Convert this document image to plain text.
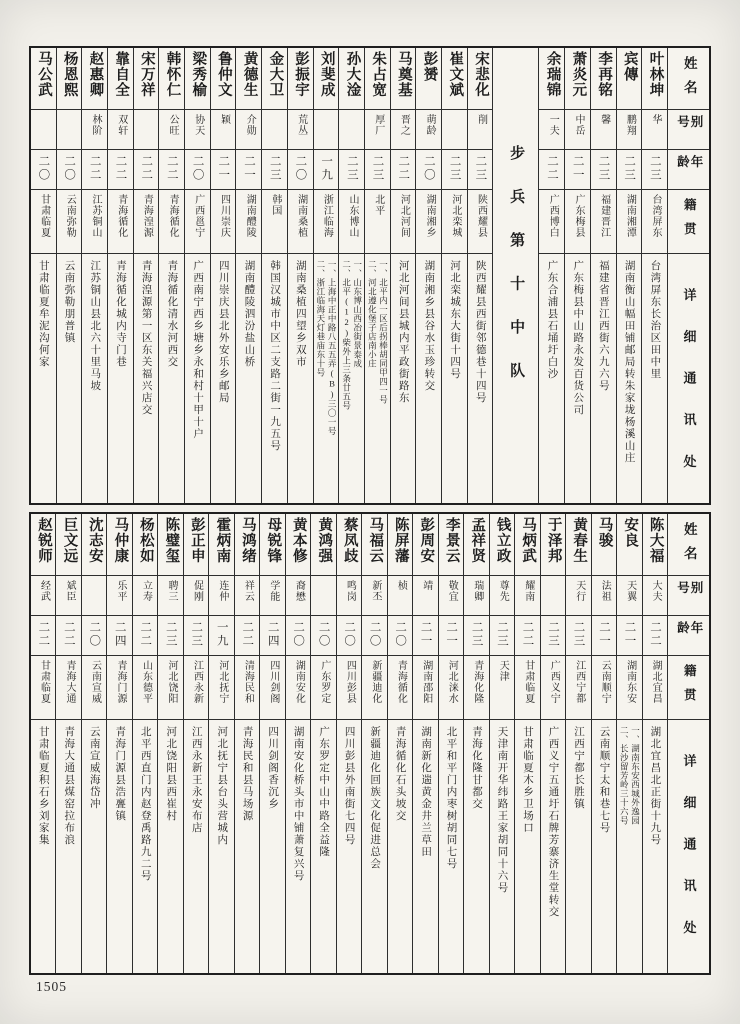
姓名
别号
年龄
籍贯
详细通讯处
叶林坤
华
二三
台湾屏东
台湾屏东长治区田中里
宾傳
鹏翔
二三
湖南湘潭
湖南衡山幅田铺邮局转朱家垅杨溪山庄
李再铭
馨
二三
福建晋江
福建省晋江西街六九六号
萧炎元
中岳
二一
广东梅县
广东梅县中山路永发百货公司
余瑞锦
一夫
二二
广西博白
广东合浦县石埇圩白沙
步兵第十中队
宋悲化
削
二三
陕西耀县
陕西耀县西街邻德巷十四号
崔文斌
二三
河北栾城
河北栾城东大街十四号
彭赟
萌龄
二〇
湖南湘乡
湖南湘乡县谷水玉珍转交
马奠基
晋之
二二
河北河间
河北河间县城内平政街路东
朱占宽
厚厂
二三
北平
一、北平内一区后拐棒胡同甲四一号
二、河北遵化堡子店南小庄
孙大淦
二三
山东博山
一、山东博山西冶街景泰成
二、北平(12)柴外上三条廿五号
刘斐成
一九
浙江临海
一、上海中正中路八五五弄(B)三〇一号
二、浙江临海天灯巷庙东十号
彭振宇
荒丛
二〇
湖南桑植
湖南桑植四望乡双市
金大卫
二三
韩国
韩国汉城市中区二支路二街一九五号
黄德生
介勋
二一
湖南醴陵
湖南醴陵泗汾盐山桥
鲁仲文
颖
二一
四川崇庆
四川崇庆县北外安乐乡邮局
梁秀榆
协天
二〇
广西邕宁
广西南宁西乡塘乡永和村十甲十户
韩怀仁
公旺
二二
青海循化
青海循化清水河西交
宋万祥
二二
青海湟源
青海湟源第一区东关福兴店交
靠自全
双轩
二二
青海循化
青海循化城内寺门巷
赵惠卿
林阶
二二
江苏铜山
江苏铜山县北六十里马坡
杨恩熙
二〇
云南弥勒
云南弥勒朋普镇
马公武
二〇
甘肃临夏
甘肃临夏牟泥沟何家
姓名
别号
年龄
籍贯
详细通讯处
陈大福
大夫
二二
湖北宜昌
湖北宜昌北正街十九号
安良
天翼
二一
湖南东安
一、湖南东安西城外逸园
二、长沙留芳岭三十六号
马骏
法祖
二一
云南顺宁
云南顺宁太和巷七号
黄春生
天行
二三
江西宁都
江西宁都长胜镇
于泽邦
二三
广西义宁
广西义宁五通圩石牌芳寨济生堂转交
马炳武
耀南
二二
甘肃临夏
甘肃临夏木乡卫场口
钱立政
尊先
二三
天津
天津南开华纬路王家胡同十六号
孟祥贤
瑞卿
二三
青海化隆
青海化隆甘都交
李景云
敬宜
二一
河北涞水
北平和平门内枣树胡同七号
彭周安
靖
二一
湖南邵阳
湖南新化遄黄金井兰草田
陈屏藩
桢
二〇
青海循化
青海循化石头坡交
马福云
新丕
二〇
新疆迪化
新疆迪化回族文化促进总会
蔡凤歧
鸣岗
二〇
四川彭县
四川彭县外南街七四号
黄鸿强
二〇
广东罗定
广东罗定中山中路全益隆
黄本修
裔懋
二〇
湖南安化
湖南安化桥头市中铺萧复兴号
母锐锋
学能
二四
四川剑阁
四川剑阁香沉乡
马鸿绪
祥云
二二
清海民和
青海民和县马场源
霍炳南
连仲
一九
河北抚宁
河北抚宁县台头营城内
彭正申
促刚
二三
江西永新
江西永新王永安布店
陈璧玺
聘三
二三
河北饶阳
河北饶阳县西崔村
杨松如
立寿
二二
山东德平
北平西直门内赵登禹路九二号
马仲康
乐平
二四
青海门源
青海门源县浩亹镇
沈志安
二〇
云南宣威
云南宣威海岱冲
巨文远
斌臣
二二
青海大通
青海大通县煤窑拉布浪
赵锐师
经武
二二
甘肃临夏
甘肃临夏积石乡刘家集
1505
